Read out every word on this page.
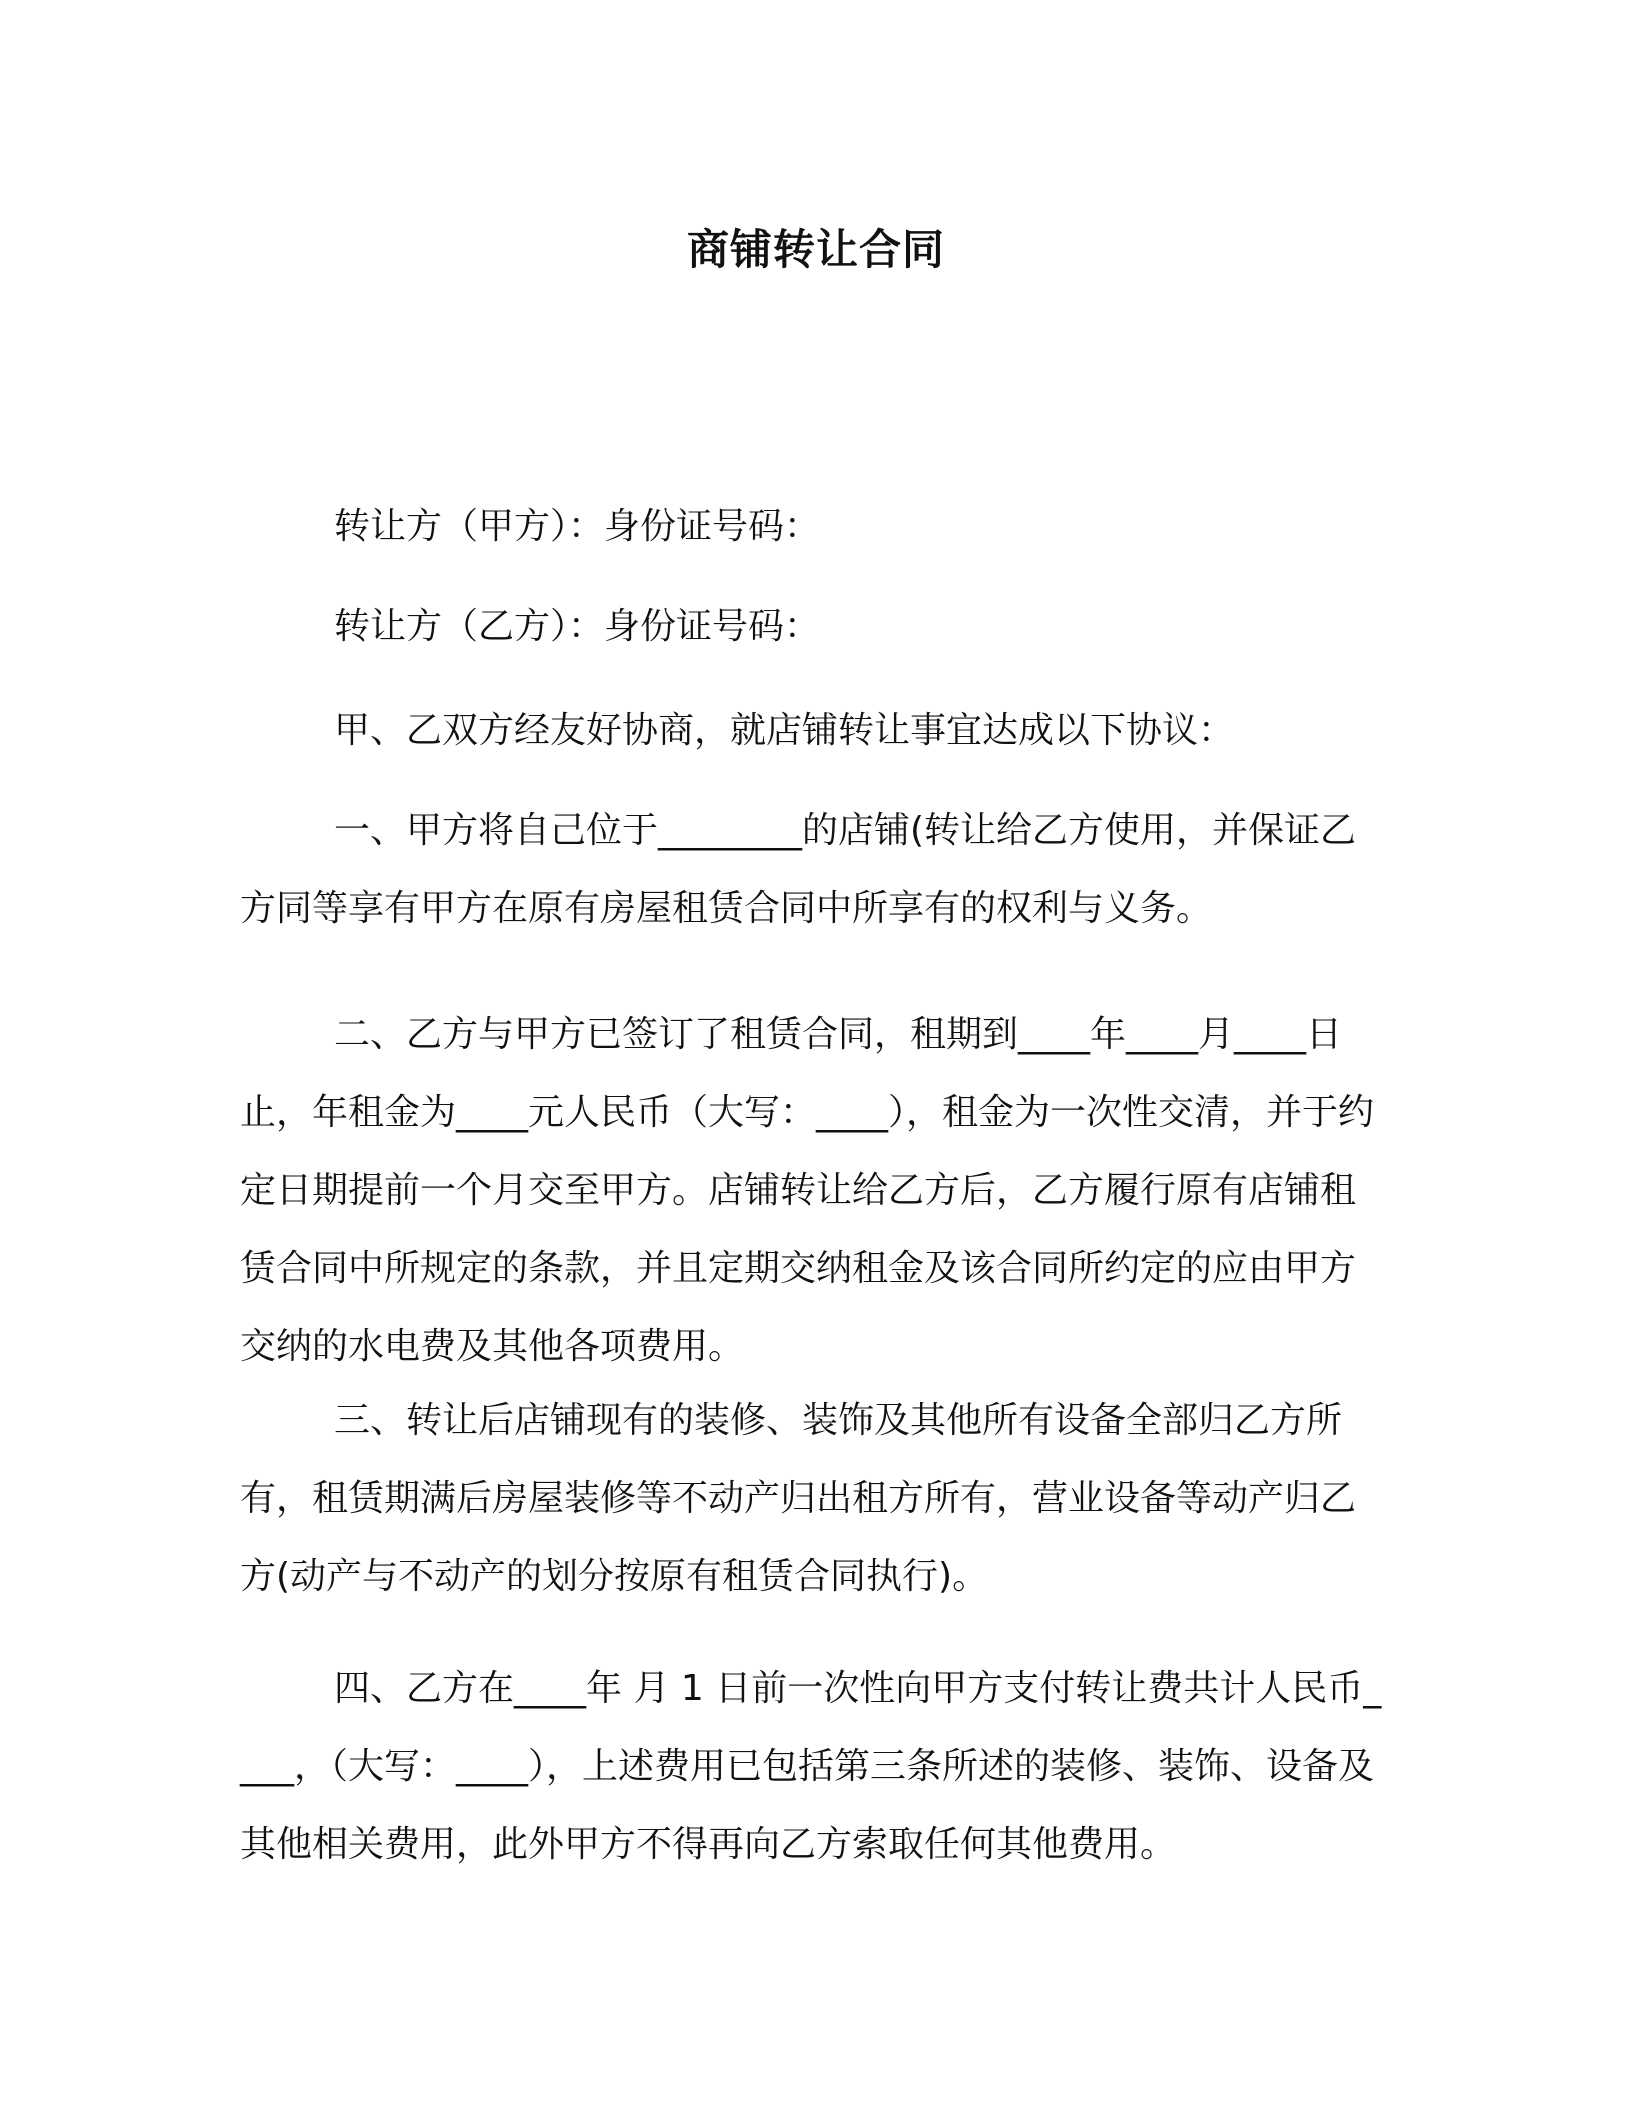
商铺转让合同

转让方（甲方）：身份证号码：

转让方（乙方）：身份证号码：

甲、乙双方经友好协商，就店铺转让事宜达成以下协议：

一、甲方将自己位于________的店铺(转让给乙方使用，并保证乙方同等享有甲方在原有房屋租赁合同中所享有的权利与义务。

二、乙方与甲方已签订了租赁合同，租期到____年____月____日止，年租金为____元人民币（大写：____），租金为一次性交清，并于约定日期提前一个月交至甲方。店铺转让给乙方后，乙方履行原有店铺租赁合同中所规定的条款，并且定期交纳租金及该合同所约定的应由甲方交纳的水电费及其他各项费用。

三、转让后店铺现有的装修、装饰及其他所有设备全部归乙方所有，租赁期满后房屋装修等不动产归出租方所有，营业设备等动产归乙方(动产与不动产的划分按原有租赁合同执行)。

四、乙方在____年 月 1 日前一次性向甲方支付转让费共计人民币____，（大写：____），上述费用已包括第三条所述的装修、装饰、设备及其他相关费用，此外甲方不得再向乙方索取任何其他费用。
